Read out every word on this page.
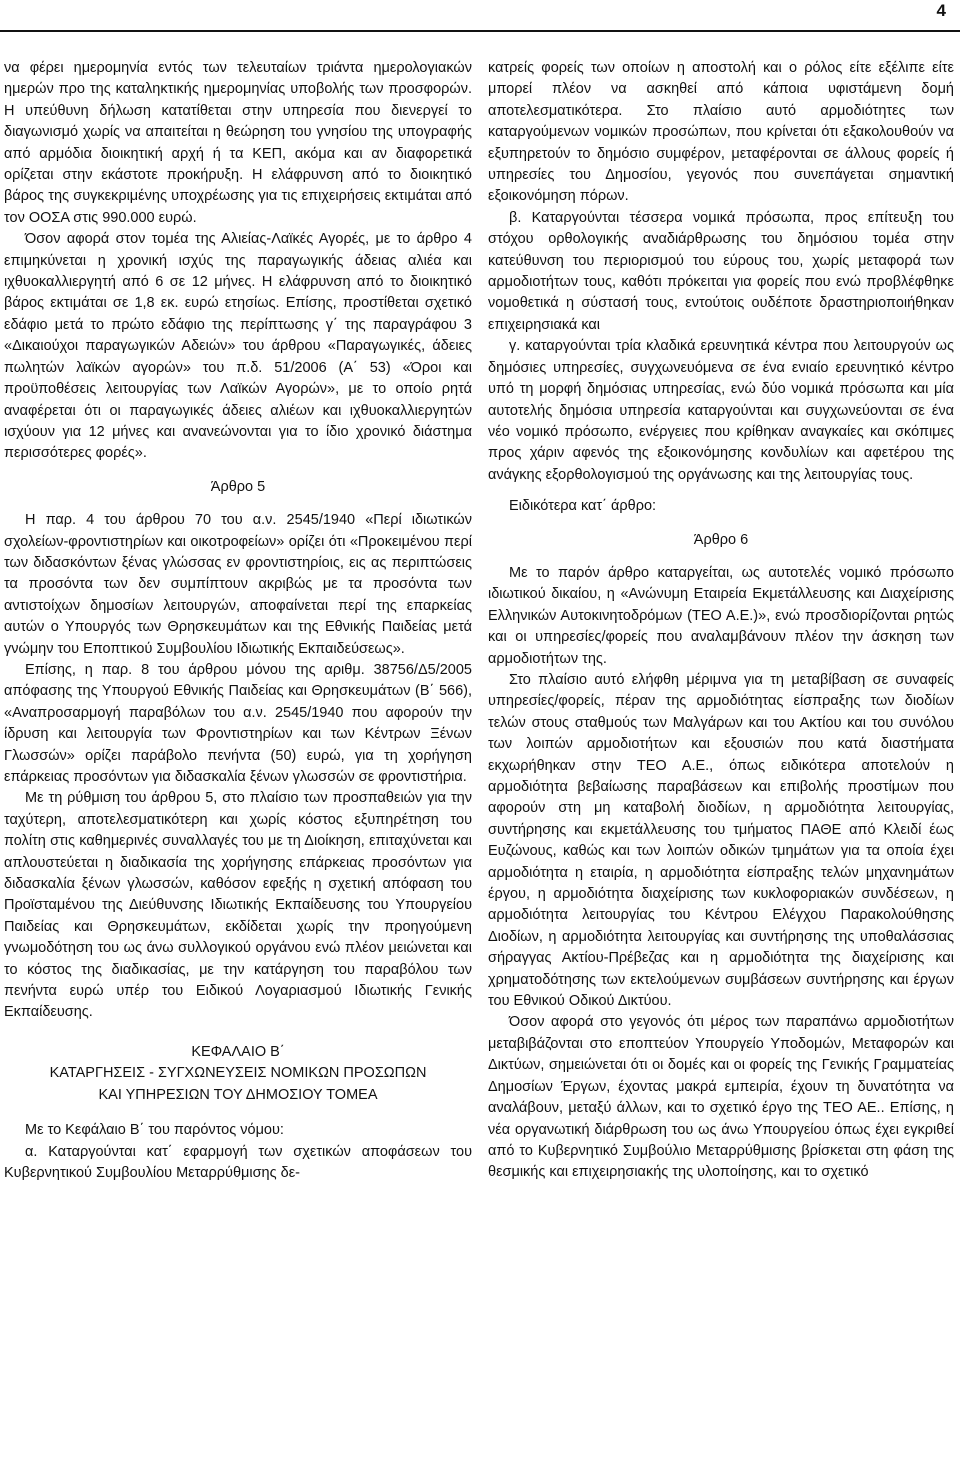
4

να φέρει ημερομηνία εντός των τελευταίων τριάντα ημερολογιακών ημερών προ της καταληκτικής ημερομηνίας υποβολής των προσφορών. Η υπεύθυνη δήλωση κατατίθεται στην υπηρεσία που διενεργεί το διαγωνισμό χωρίς να απαιτείται η θεώρηση του γνησίου της υπογραφής από αρμόδια διοικητική αρχή ή τα ΚΕΠ, ακόμα και αν διαφορετικά ορίζεται στην εκάστοτε προκήρυξη. Η ελάφρυνση από το διοικητικό βάρος της συγκεκριμένης υποχρέωσης για τις επιχειρήσεις εκτιμάται από τον ΟΟΣΑ στις 990.000 ευρώ.

Όσον αφορά στον τομέα της Αλιείας-Λαϊκές Αγορές, με το άρθρο 4 επιμηκύνεται η χρονική ισχύς της παραγωγικής άδειας αλιέα και ιχθυοκαλλιεργητή από 6 σε 12 μήνες. Η ελάφρυνση από το διοικητικό βάρος εκτιμάται σε 1,8 εκ. ευρώ ετησίως. Επίσης, προστίθεται σχετικό εδάφιο μετά το πρώτο εδάφιο της περίπτωσης γ΄ της παραγράφου 3 «Δικαιούχοι παραγωγικών Αδειών» του άρθρου «Παραγωγικές, άδειες πωλητών λαϊκών αγορών» του π.δ. 51/2006 (Α΄ 53) «Όροι και προϋποθέσεις λειτουργίας των Λαϊκών Αγορών», με το οποίο ρητά αναφέρεται ότι οι παραγωγικές άδειες αλιέων και ιχθυοκαλλιεργητών ισχύουν για 12 μήνες και ανανεώνονται για το ίδιο χρονικό διάστημα περισσότερες φορές».

Άρθρο 5

Η παρ. 4 του άρθρου 70 του α.ν. 2545/1940 «Περί ιδιωτικών σχολείων-φροντιστηρίων και οικοτροφείων» ορίζει ότι «Προκειμένου περί των διδασκόντων ξένας γλώσσας εν φροντιστηρίοις, εις ας περιπτώσεις τα προσόντα των δεν συμπίπτουν ακριβώς με τα προσόντα των αντιστοίχων δημοσίων λειτουργών, αποφαίνεται περί της επαρκείας αυτών ο Υπουργός των Θρησκευμάτων και της Εθνικής Παιδείας μετά γνώμην του Εποπτικού Συμβουλίου Ιδιωτικής Εκπαιδεύσεως».

Επίσης, η παρ. 8 του άρθρου μόνου της αριθμ. 38756/Δ5/2005 απόφασης της Υπουργού Εθνικής Παιδείας και Θρησκευμάτων (Β΄ 566), «Αναπροσαρμογή παραβόλων του α.ν. 2545/1940 που αφορούν την ίδρυση και λειτουργία των Φροντιστηρίων και των Κέντρων Ξένων Γλωσσών» ορίζει παράβολο πενήντα (50) ευρώ, για τη χορήγηση επάρκειας προσόντων για διδασκαλία ξένων γλωσσών σε φροντιστήρια.

Με τη ρύθμιση του άρθρου 5, στο πλαίσιο των προσπαθειών για την ταχύτερη, αποτελεσματικότερη και χωρίς κόστος εξυπηρέτηση του πολίτη στις καθημερινές συναλλαγές του με τη Διοίκηση, επιταχύνεται και απλουστεύεται η διαδικασία της χορήγησης επάρκειας προσόντων για διδασκαλία ξένων γλωσσών, καθόσον εφεξής η σχετική απόφαση του Προϊσταμένου της Διεύθυνσης Ιδιωτικής Εκπαίδευσης του Υπουργείου Παιδείας και Θρησκευμάτων, εκδίδεται χωρίς την προηγούμενη γνωμοδότηση του ως άνω συλλογικού οργάνου ενώ πλέον μειώνεται και το κόστος της διαδικασίας, με την κατάργηση του παραβόλου των πενήντα ευρώ υπέρ του Ειδικού Λογαριασμού Ιδιωτικής Γενικής Εκπαίδευσης.

ΚΕΦΑΛΑΙΟ Β΄

ΚΑΤΑΡΓΗΣΕΙΣ - ΣΥΓΧΩΝΕΥΣΕΙΣ ΝΟΜΙΚΩΝ ΠΡΟΣΩΠΩΝ

ΚΑΙ ΥΠΗΡΕΣΙΩΝ ΤΟΥ ΔΗΜΟΣΙΟΥ ΤΟΜΕΑ

Με το Κεφάλαιο Β΄ του παρόντος νόμου:

α. Καταργούνται κατ΄ εφαρμογή των σχετικών αποφάσεων του Κυβερνητικού Συμβουλίου Μεταρρύθμισης δε-

κατρείς φορείς των οποίων η αποστολή και ο ρόλος είτε εξέλιπε είτε μπορεί πλέον να ασκηθεί από κάποια υφιστάμενη δομή αποτελεσματικότερα. Στο πλαίσιο αυτό αρμοδιότητες των καταργούμενων νομικών προσώπων, που κρίνεται ότι εξακολουθούν να εξυπηρετούν το δημόσιο συμφέρον, μεταφέρονται σε άλλους φορείς ή υπηρεσίες του Δημοσίου, γεγονός που συνεπάγεται σημαντική εξοικονόμηση πόρων.

β. Καταργούνται τέσσερα νομικά πρόσωπα, προς επίτευξη του στόχου ορθολογικής αναδιάρθρωσης του δημόσιου τομέα στην κατεύθυνση του περιορισμού του εύρους του, χωρίς μεταφορά των αρμοδιοτήτων τους, καθότι πρόκειται για φορείς που ενώ προβλέφθηκε νομοθετικά η σύστασή τους, εντούτοις ουδέποτε δραστηριοποιήθηκαν επιχειρησιακά και

γ. καταργούνται τρία κλαδικά ερευνητικά κέντρα που λειτουργούν ως δημόσιες υπηρεσίες, συγχωνευόμενα σε ένα ενιαίο ερευνητικό κέντρο υπό τη μορφή δημόσιας υπηρεσίας, ενώ δύο νομικά πρόσωπα και μία αυτοτελής δημόσια υπηρεσία καταργούνται και συγχωνεύονται σε ένα νέο νομικό πρόσωπο, ενέργειες που κρίθηκαν αναγκαίες και σκόπιμες προς χάριν αφενός της εξοικονόμησης κονδυλίων και αφετέρου της ανάγκης εξορθολογισμού της οργάνωσης και της λειτουργίας τους.

Ειδικότερα κατ΄ άρθρο:

Άρθρο 6

Με το παρόν άρθρο καταργείται, ως αυτοτελές νομικό πρόσωπο ιδιωτικού δικαίου, η «Ανώνυμη Εταιρεία Εκμετάλλευσης και Διαχείρισης Ελληνικών Αυτοκινητοδρόμων (ΤΕΟ Α.Ε.)», ενώ προσδιορίζονται ρητώς και οι υπηρεσίες/φορείς που αναλαμβάνουν πλέον την άσκηση των αρμοδιοτήτων της.

Στο πλαίσιο αυτό ελήφθη μέριμνα για τη μεταβίβαση σε συναφείς υπηρεσίες/φορείς, πέραν της αρμοδιότητας είσπραξης των διοδίων τελών στους σταθμούς των Μαλγάρων και του Ακτίου και του συνόλου των λοιπών αρμοδιοτήτων και εξουσιών που κατά διαστήματα εκχωρήθηκαν στην ΤΕΟ Α.Ε., όπως ειδικότερα αποτελούν η αρμοδιότητα βεβαίωσης παραβάσεων και επιβολής προστίμων που αφορούν στη μη καταβολή διοδίων, η αρμοδιότητα λειτουργίας, συντήρησης και εκμετάλλευσης του τμήματος ΠΑΘΕ από Κλειδί έως Ευζώνους, καθώς και των λοιπών οδικών τμημάτων για τα οποία έχει αρμοδιότητα η εταιρία, η αρμοδιότητα είσπραξης τελών μηχανημάτων έργου, η αρμοδιότητα διαχείρισης των κυκλοφοριακών συνδέσεων, η αρμοδιότητα λειτουργίας του Κέντρου Ελέγχου Παρακολούθησης Διοδίων, η αρμοδιότητα λειτουργίας και συντήρησης της υποθαλάσσιας σήραγγας Ακτίου-Πρέβεζας και η αρμοδιότητα της διαχείρισης και χρηματοδότησης των εκτελούμενων συμβάσεων συντήρησης και έργων του Εθνικού Οδικού Δικτύου.

Όσον αφορά στο γεγονός ότι μέρος των παραπάνω αρμοδιοτήτων μεταβιβάζονται στο εποπτεύον Υπουργείο Υποδομών, Μεταφορών και Δικτύων, σημειώνεται ότι οι δομές και οι φορείς της Γενικής Γραμματείας Δημοσίων Έργων, έχοντας μακρά εμπειρία, έχουν τη δυνατότητα να αναλάβουν, μεταξύ άλλων, και το σχετικό έργο της ΤΕΟ ΑΕ.. Επίσης, η νέα οργανωτική διάρθρωση του ως άνω Υπουργείου όπως έχει εγκριθεί από το Κυβερνητικό Συμβούλιο Μεταρρύθμισης βρίσκεται στη φάση της θεσμικής και επιχειρησιακής της υλοποίησης, και το σχετικό
